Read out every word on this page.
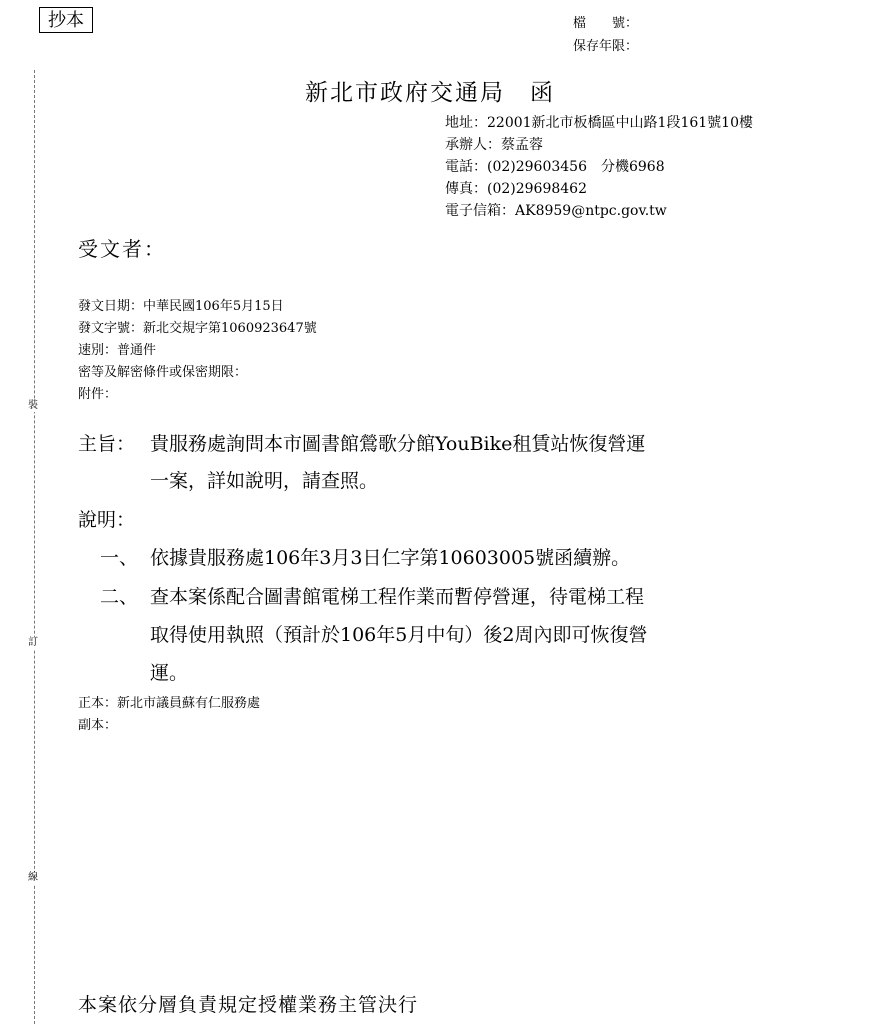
抄本	檔　　號：
保存年限：
裝
訂
線
新北市政府交通局　函
地址：22001新北市板橋區中山路1段161號10樓
承辦人：蔡孟蓉
電話：(02)29603456　分機6968
傳真：(02)29698462
電子信箱：AK8959@ntpc.gov.tw
受文者：
發文日期：中華民國106年5月15日
發文字號：新北交規字第1060923647號
速別：普通件
密等及解密條件或保密期限：
附件：
主旨： 貴服務處詢問本市圖書館鶯歌分館YouBike租賃站恢復營運
一案，詳如說明，請查照。
說明：
一、 依據貴服務處106年3月3日仁字第10603005號函續辦。
二、 查本案係配合圖書館電梯工程作業而暫停營運，待電梯工程
取得使用執照（預計於106年5月中旬）後2周內即可恢復營
運。
正本：新北市議員蘇有仁服務處
副本：
本案依分層負責規定授權業務主管決行
